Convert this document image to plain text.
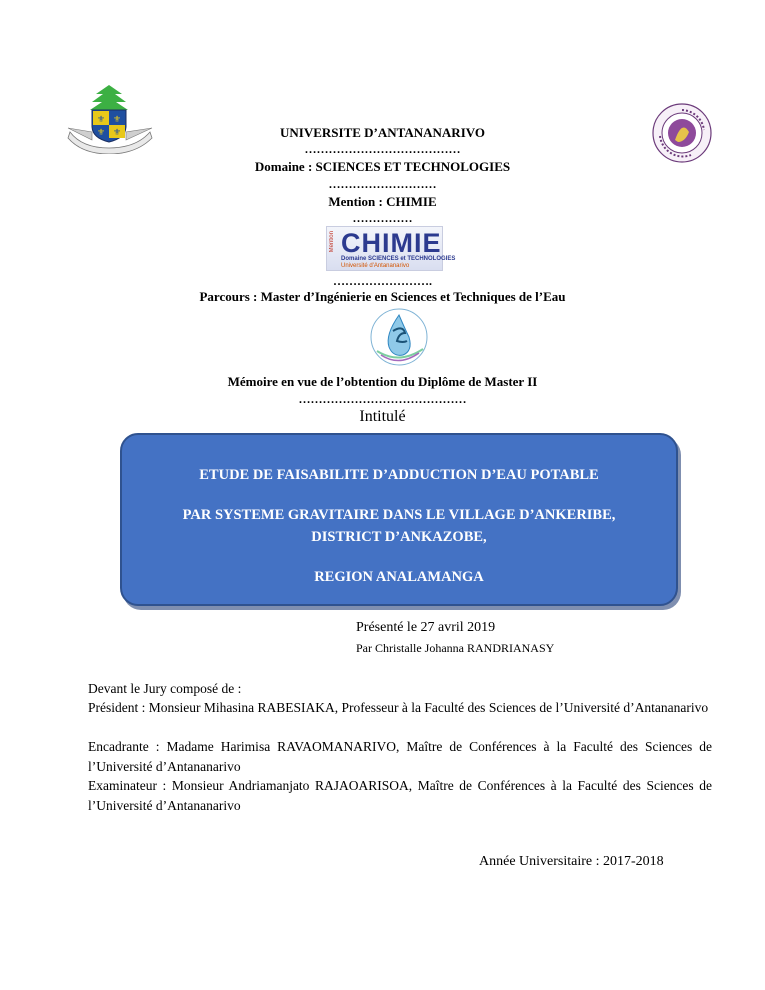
⚜ ⚜
⚜ ⚜	UNIVERSITE D’ANTANANARIVO
…………………………………
Domaine : SCIENCES ET TECHNOLOGIES
………………………
Mention : CHIMIE
……………
Mention CHIMIE
Domaine SCIENCES et TECHNOLOGIES
Université d'Antananarivo
…………………….
Parcours : Master d’Ingénierie en Sciences et Techniques de l’Eau
Mémoire en vue de l’obtention du Diplôme de Master II
……………………………………
Intitulé
ETUDE DE FAISABILITE D’ADDUCTION D’EAU POTABLE
PAR SYSTEME GRAVITAIRE DANS LE VILLAGE D’ANKERIBE,
DISTRICT D’ANKAZOBE,
REGION ANALAMANGA
Présenté le 27 avril 2019
Par Christalle Johanna RANDRIANASY
Devant le Jury composé de :
Président : Monsieur Mihasina RABESIAKA, Professeur à la Faculté des Sciences de l’Université d’Antananarivo
Encadrante : Madame Harimisa RAVAOMANARIVO, Maître de Conférences à la Faculté des Sciences de l’Université d’Antananarivo
Examinateur : Monsieur Andriamanjato RAJAOARISOA, Maître de Conférences à la Faculté des Sciences de l’Université d’Antananarivo
Année Universitaire : 2017-2018
